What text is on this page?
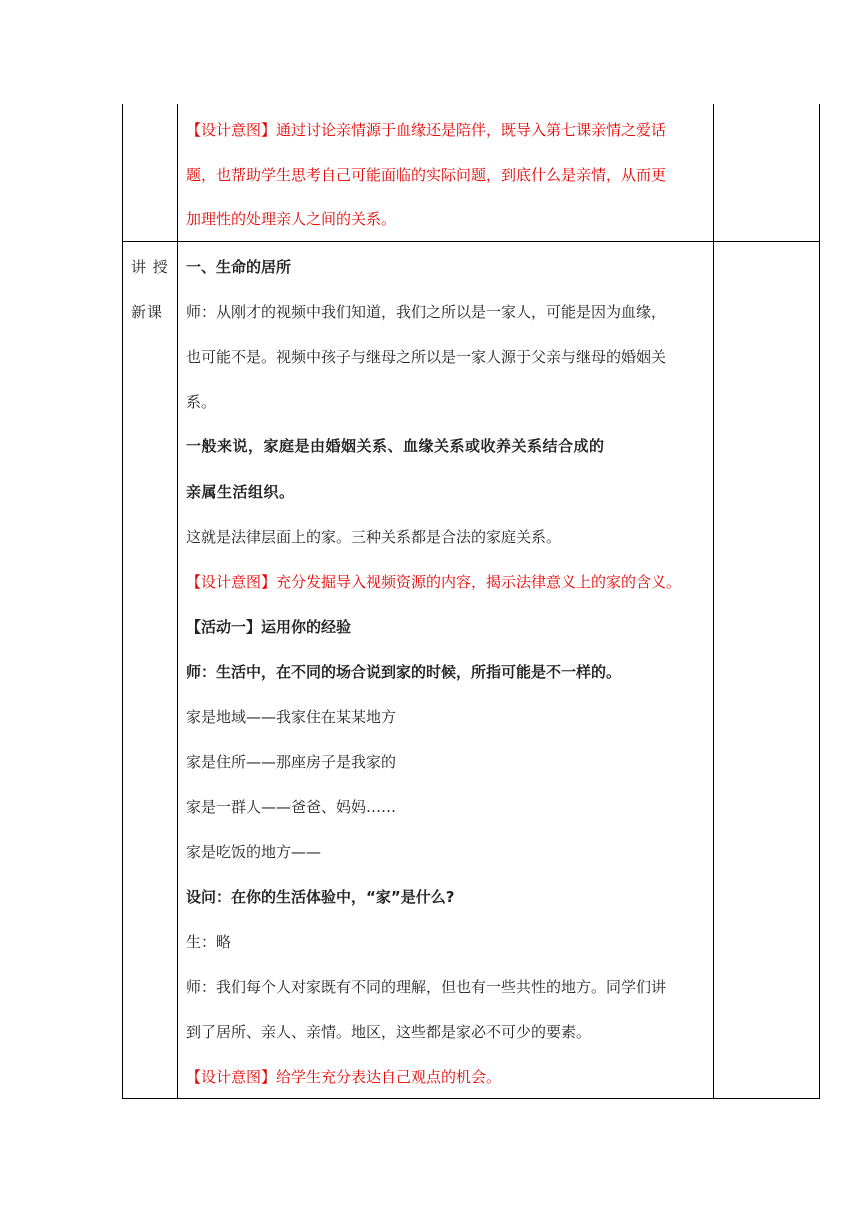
【设计意图】通过讨论亲情源于血缘还是陪伴，既导入第七课亲情之爱话
题，也帮助学生思考自己可能面临的实际问题，到底什么是亲情，从而更
加理性的处理亲人之间的关系。
讲 授
新课
一、生命的居所
师：从刚才的视频中我们知道，我们之所以是一家人，可能是因为血缘，
也可能不是。视频中孩子与继母之所以是一家人源于父亲与继母的婚姻关
系。
一般来说，家庭是由婚姻关系、血缘关系或收养关系结合成的
亲属生活组织。
这就是法律层面上的家。三种关系都是合法的家庭关系。
【设计意图】充分发掘导入视频资源的内容，揭示法律意义上的家的含义。
【活动一】运用你的经验
师：生活中，在不同的场合说到家的时候，所指可能是不一样的。
家是地域——我家住在某某地方
家是住所——那座房子是我家的
家是一群人——爸爸、妈妈……
家是吃饭的地方——
设问：在你的生活体验中，“家”是什么?
生：略
师：我们每个人对家既有不同的理解，但也有一些共性的地方。同学们讲
到了居所、亲人、亲情。地区，这些都是家必不可少的要素。
【设计意图】给学生充分表达自己观点的机会。
